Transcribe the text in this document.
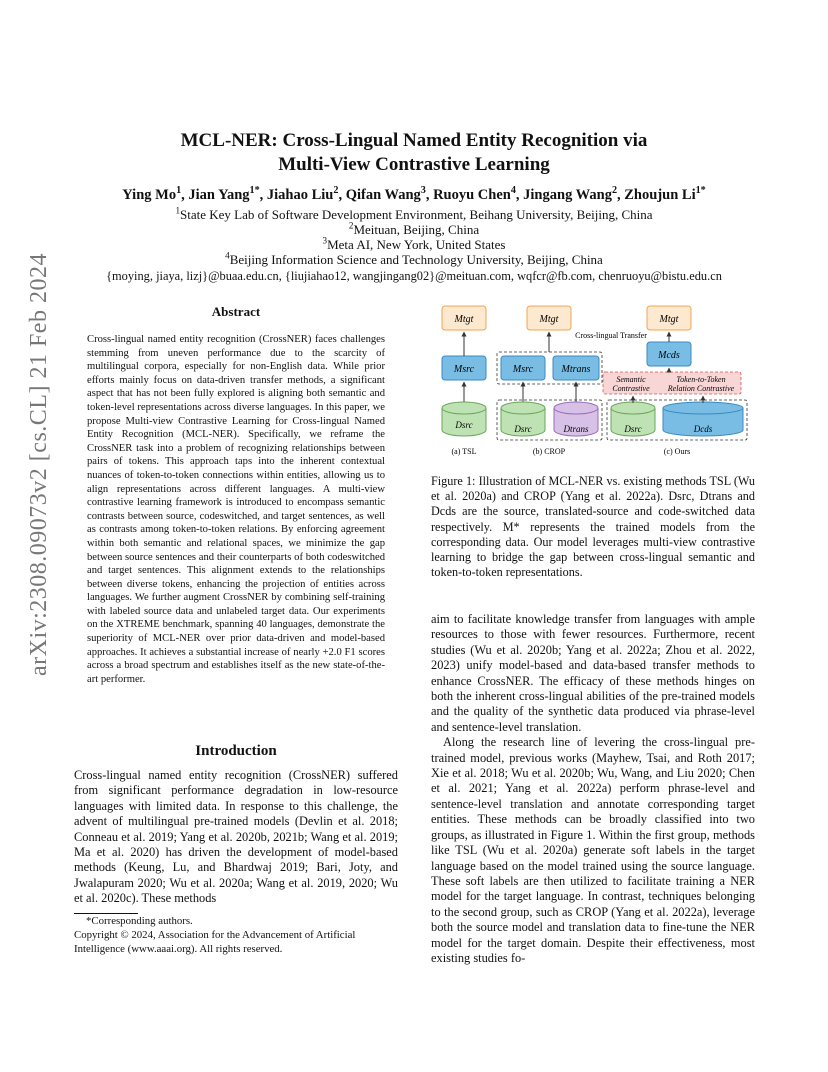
arXiv:2308.09073v2 [cs.CL] 21 Feb 2024
MCL-NER: Cross-Lingual Named Entity Recognition via
Multi-View Contrastive Learning
Ying Mo$^1$, Jian Yang$^{1*}$, Jiahao Liu$^2$, Qifan Wang$^3$, Ruoyu Chen$^4$, Jingang Wang$^2$, Zhoujun $Li^{1*}$
$^1$State Key Lab of Software Development Environment, Beihang University, Beijing, China
$^2$Meituan, Beijing, China
$^3$Meta AI, New York, United States
$^4$Beijing Information Science and Technology University, Beijing, China
{moying, jiaya, lizj}@buaa.edu.cn, {liujiahao12, wangjingang02}@meituan.com, wqfcr@fb.com, chenruoyu@bistu.edu.cn
Abstract
Cross-lingual named entity recognition (CrossNER) faces challenges stemming from uneven performance due to the scarcity of multilingual corpora, especially for non-English data. While prior efforts mainly focus on data-driven transfer methods, a significant aspect that has not been fully explored is aligning both semantic and token-level representations across diverse languages. In this paper, we propose Multi-view Contrastive Learning for Cross-lingual Named Entity Recognition (MCL-NER). Specifically, we reframe the CrossNER task into a problem of recognizing relationships between pairs of tokens. This approach taps into the inherent contextual nuances of token-to-token connections within entities, allowing us to align representations across different languages. A multi-view contrastive learning framework is introduced to encompass semantic contrasts between source, codeswitched, and target sentences, as well as contrasts among token-to-token relations. By enforcing agreement within both semantic and relational spaces, we minimize the gap between source sentences and their counterparts of both codeswitched and target sentences. This alignment extends to the relationships between diverse tokens, enhancing the projection of entities across languages. We further augment CrossNER by combining self-training with labeled source data and unlabeled target data. Our experiments on the XTREME benchmark, spanning 40 languages, demonstrate the superiority of MCL-NER over prior data-driven and model-based approaches. It achieves a substantial increase of nearly +2.0 F1 scores across a broad spectrum and establishes itself as the new state-of-the-art performer.
Introduction

Cross-lingual named entity recognition (CrossNER) suffered from significant performance degradation in low-resource languages with limited data. In response to this challenge, the advent of multilingual pre-trained models (Devlin et al. 2018; Conneau et al. 2019; Yang et al. 2020b, 2021b; Wang et al. 2019; Ma et al. 2020) has driven the development of model-based methods (Keung, Lu, and Bhardwaj 2019; Bari, Joty, and Jwalapuram 2020; Wu et al. 2020a; Wang et al. 2019, 2020; Wu et al. 2020c). These methods

*Corresponding authors.

Copyright © 2024, Association for the Advancement of Artificial Intelligence (www.aaai.org). All rights reserved.

Mtgt
Msrc
Dsrc
(a) TSL
Mtgt
Msrc	Mtrans
Dsrc	Dtrans
(b) CROP
Cross-lingual Transfer
Mtgt
Mcds
Semantic
Contrastive
Token-to-Token
Relation Contrastive
Dsrc	Dcds
(c) Ours
Figure 1: Illustration of MCL-NER vs. existing methods TSL (Wu et al. 2020a) and CROP (Yang et al. 2022a). Dsrc, Dtrans and Dcds are the source, translated-source and code-switched data respectively. M* represents the trained models from the corresponding data. Our model leverages multi-view contrastive learning to bridge the gap between cross-lingual semantic and token-to-token representations.

aim to facilitate knowledge transfer from languages with ample resources to those with fewer resources. Furthermore, recent studies (Wu et al. 2020b; Yang et al. 2022a; Zhou et al. 2022, 2023) unify model-based and data-based transfer methods to enhance CrossNER. The efficacy of these methods hinges on both the inherent cross-lingual abilities of the pre-trained models and the quality of the synthetic data produced via phrase-level and sentence-level translation.

Along the research line of levering the cross-lingual pre-trained model, previous works (Mayhew, Tsai, and Roth 2017; Xie et al. 2018; Wu et al. 2020b; Wu, Wang, and Liu 2020; Chen et al. 2021; Yang et al. 2022a) perform phrase-level and sentence-level translation and annotate corresponding target entities. These methods can be broadly classified into two groups, as illustrated in Figure 1. Within the first group, methods like TSL (Wu et al. 2020a) generate soft labels in the target language based on the model trained using the source language. These soft labels are then utilized to facilitate training a NER model for the target language. In contrast, techniques belonging to the second group, such as CROP (Yang et al. 2022a), leverage both the source model and translation data to fine-tune the NER model for the target domain. Despite their effectiveness, most existing studies fo-
